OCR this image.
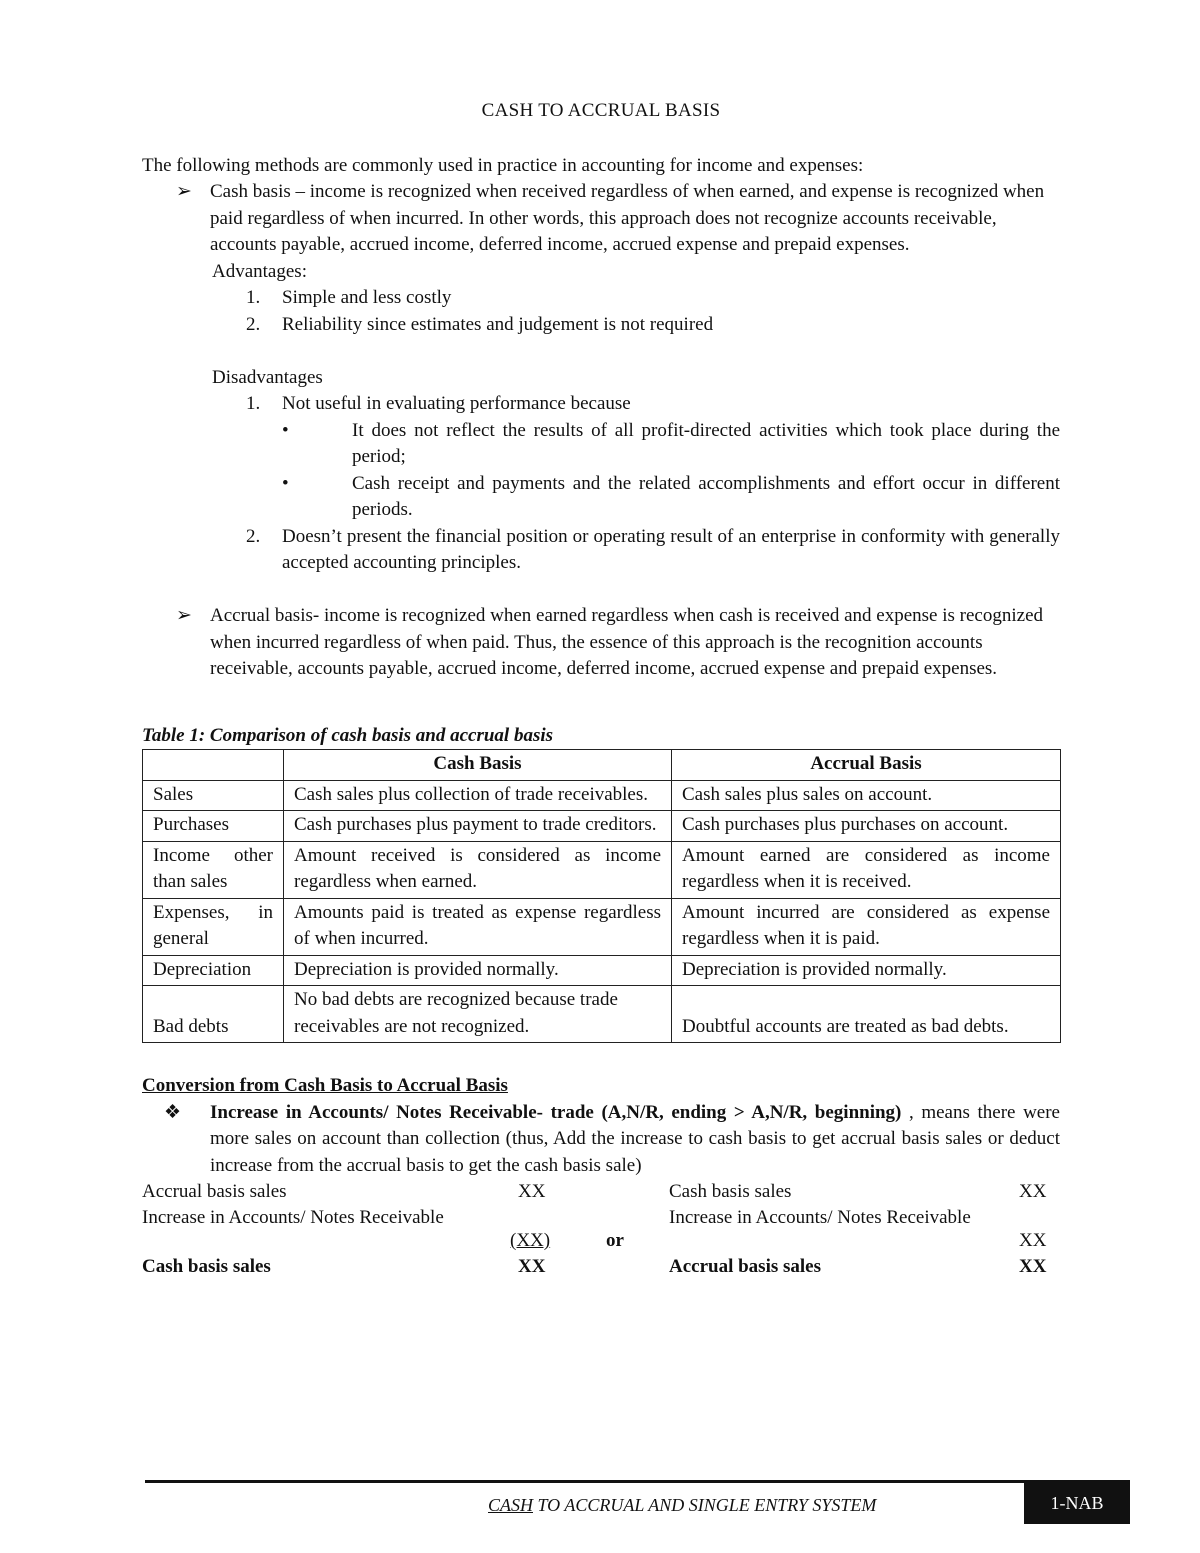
CASH TO ACCRUAL BASIS

The following methods are commonly used in practice in accounting for income and expenses:

➢ Cash basis – income is recognized when received regardless of when earned, and expense is recognized when paid regardless of when incurred. In other words, this approach does not recognize accounts receivable, accounts payable, accrued income, deferred income, accrued expense and prepaid expenses.
Advantages:
1.	Simple and less costly
2.	Reliability since estimates and judgement is not required
Disadvantages
1.	Not useful in evaluating performance because
•	It does not reflect the results of all profit-directed activities which took place during the period;
•	Cash receipt and payments and the related accomplishments and effort occur in different periods.
2.	Doesn’t present the financial position or operating result of an enterprise in conformity with generally accepted accounting principles.
➢ Accrual basis- income is recognized when earned regardless when cash is received and expense is recognized when incurred regardless of when paid. Thus, the essence of this approach is the recognition accounts receivable, accounts payable, accrued income, deferred income, accrued expense and prepaid expenses.
Table 1: Comparison of cash basis and accrual basis
	Cash Basis	Accrual Basis
Sales	Cash sales plus collection of trade receivables.	Cash sales plus sales on account.
Purchases	Cash purchases plus payment to trade creditors.	Cash purchases plus purchases on account.
Income other than sales	Amount received is considered as income regardless when earned.	Amount earned are considered as income regardless when it is received.
Expenses, in general	Amounts paid is treated as expense regardless of when incurred.	Amount incurred are considered as expense regardless when it is paid.
Depreciation	Depreciation is provided normally.	Depreciation is provided normally.
Bad debts	No bad debts are recognized because trade receivables are not recognized.	Doubtful accounts are treated as bad debts.
Conversion from Cash Basis to Accrual Basis
❖	Increase in Accounts/ Notes Receivable- trade (A,N/R, ending > A,N/R, beginning) , means there were more sales on account than collection (thus, Add the increase to cash basis to get accrual basis sales or deduct increase from the accrual basis to get the cash basis sale)
Accrual basis sales	XX
Increase in Accounts/ Notes Receivable
(XX)	or
Cash basis sales	XX
Cash basis sales	XX
Increase in Accounts/ Notes Receivable
XX
Accrual basis sales	XX
CASH TO ACCRUAL AND SINGLE ENTRY SYSTEM	1-NAB
